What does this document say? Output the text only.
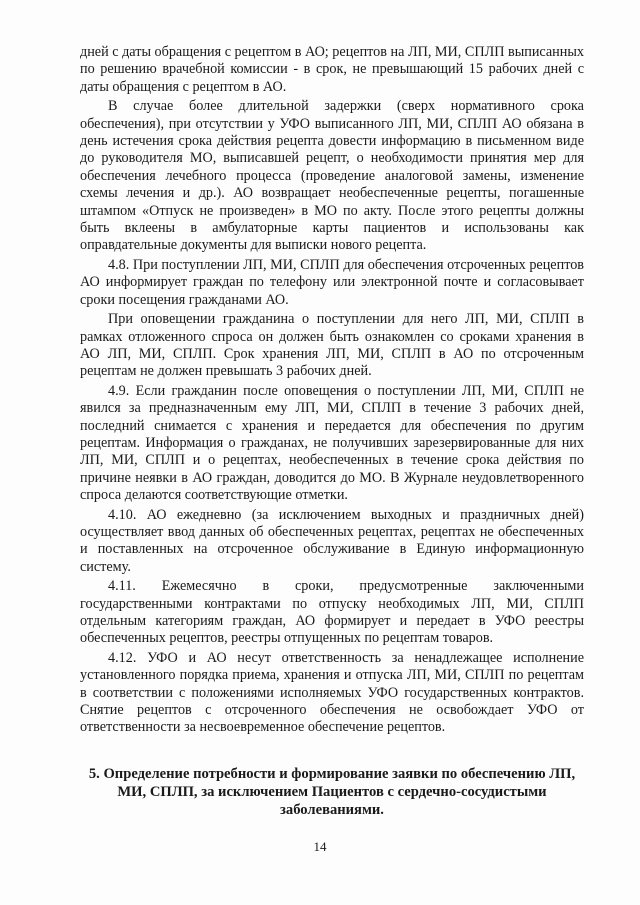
дней с даты обращения с рецептом в АО; рецептов на ЛП, МИ, СПЛП выписанных по решению врачебной комиссии - в срок, не превышающий 15 рабочих дней с даты обращения с рецептом в АО.

В случае более длительной задержки (сверх нормативного срока обеспечения), при отсутствии у УФО выписанного ЛП, МИ, СПЛП АО обязана в день истечения срока действия рецепта довести информацию в письменном виде до руководителя МО, выписавшей рецепт, о необходимости принятия мер для обеспечения лечебного процесса (проведение аналоговой замены, изменение схемы лечения и др.). АО возвращает необеспеченные рецепты, погашенные штампом «Отпуск не произведен» в МО по акту. После этого рецепты должны быть вклеены в амбулаторные карты пациентов и использованы как оправдательные документы для выписки нового рецепта.

4.8. При поступлении ЛП, МИ, СПЛП для обеспечения отсроченных рецептов АО информирует граждан по телефону или электронной почте и согласовывает сроки посещения гражданами АО.

При оповещении гражданина о поступлении для него ЛП, МИ, СПЛП в рамках отложенного спроса он должен быть ознакомлен со сроками хранения в АО ЛП, МИ, СПЛП. Срок хранения ЛП, МИ, СПЛП в АО по отсроченным рецептам не должен превышать 3 рабочих дней.

4.9. Если гражданин после оповещения о поступлении ЛП, МИ, СПЛП не явился за предназначенным ему ЛП, МИ, СПЛП в течение 3 рабочих дней, последний снимается с хранения и передается для обеспечения по другим рецептам. Информация о гражданах, не получивших зарезервированные для них ЛП, МИ, СПЛП и о рецептах, необеспеченных в течение срока действия по причине неявки в АО граждан, доводится до МО. В Журнале неудовлетворенного спроса делаются соответствующие отметки.

4.10. АО ежедневно (за исключением выходных и праздничных дней) осуществляет ввод данных об обеспеченных рецептах, рецептах не обеспеченных и поставленных на отсроченное обслуживание в Единую информационную систему.

4.11. Ежемесячно в сроки, предусмотренные заключенными государственными контрактами по отпуску необходимых ЛП, МИ, СПЛП отдельным категориям граждан, АО формирует и передает в УФО реестры обеспеченных рецептов, реестры отпущенных по рецептам товаров.

4.12. УФО и АО несут ответственность за ненадлежащее исполнение установленного порядка приема, хранения и отпуска ЛП, МИ, СПЛП по рецептам в соответствии с положениями исполняемых УФО государственных контрактов. Снятие рецептов с отсроченного обеспечения не освобождает УФО от ответственности за несвоевременное обеспечение рецептов.

5. Определение потребности и формирование заявки по обеспечению ЛП, МИ, СПЛП, за исключением Пациентов с сердечно-сосудистыми заболеваниями.
14
